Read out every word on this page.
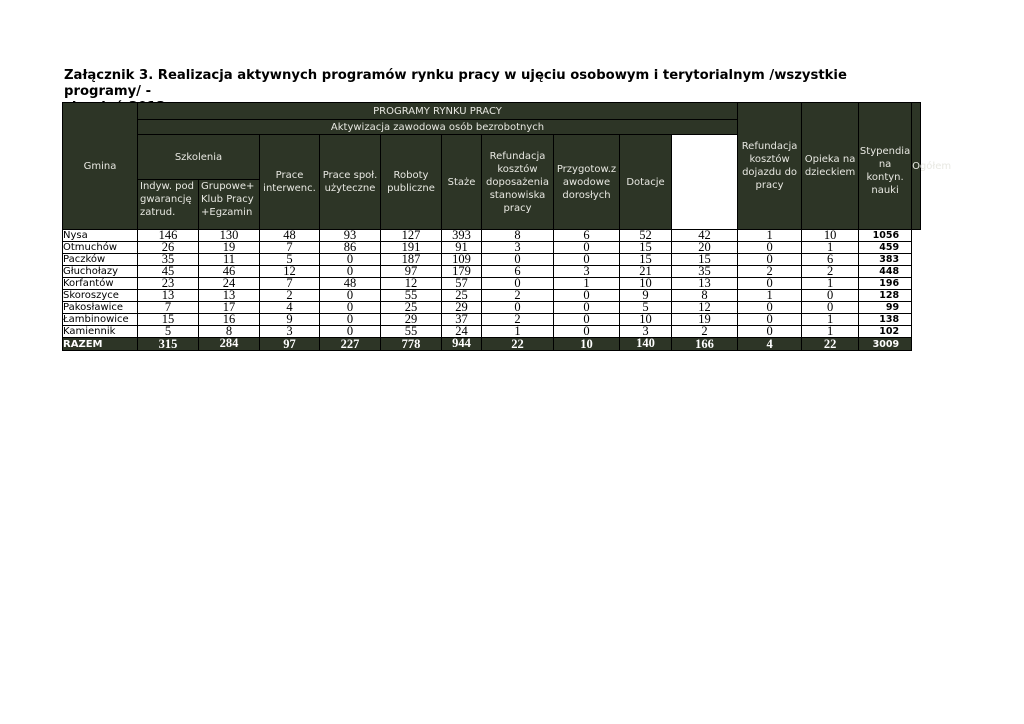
Załącznik 3. Realizacja aktywnych programów rynku pracy w ujęciu osobowym i terytorialnym /wszystkie programy/ -
Gmina	PROGRAMY RYNKU PRACY										Refundacja kosztów dojazdu do pracy	Opieka na dzieckiem	Stypendia na kontyn. nauki	Ogółem
	Aktywizacja zawodowa osób bezrobotnych													
	Szkolenia		Prace interwenc.	Prace społ. użyteczne	Roboty publiczne	Staże	Refundacja kosztów doposażenia stanowiska pracy	Przygotow.z awodowe dorosłych	Dotacje					
	Indyw. pod gwarancję zatrud.	Grupowe+ Klub Pracy +Egzamin												
Nysa	146	130	48	93	127	393	8	6	52	42	1	10	1056	
Otmuchów	26	19	7	86	191	91	3	0	15	20	0	1	459	
Paczków	35	11	5	0	187	109	0	0	15	15	0	6	383	
Głuchołazy	45	46	12	0	97	179	6	3	21	35	2	2	448	
Korfantów	23	24	7	48	12	57	0	1	10	13	0	1	196	
Skoroszyce	13	13	2	0	55	25	2	0	9	8	1	0	128	
Pakosławice	7	17	4	0	25	29	0	0	5	12	0	0	99	
Łambinowice	15	16	9	0	29	37	2	0	10	19	0	1	138	
Kamiennik	5	8	3	0	55	24	1	0	3	2	0	1	102	
RAZEM	315	284	97	227	778	944	22	10	140	166	4	22	3009	
